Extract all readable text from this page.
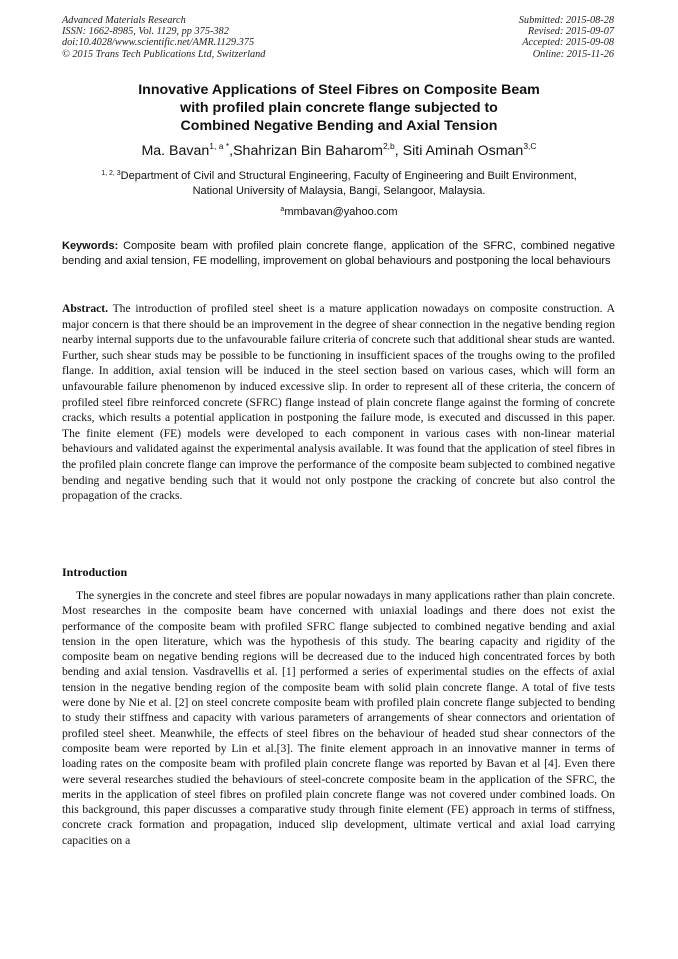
Advanced Materials Research
ISSN: 1662-8985, Vol. 1129, pp 375-382
doi:10.4028/www.scientific.net/AMR.1129.375
© 2015 Trans Tech Publications Ltd, Switzerland
Submitted: 2015-08-28
Revised: 2015-09-07
Accepted: 2015-09-08
Online: 2015-11-26
Innovative Applications of Steel Fibres on Composite Beam
with profiled plain concrete flange subjected to
Combined Negative Bending and Axial Tension
Ma. Bavan$^{1, a *}$,Shahrizan Bin Baharom$^{2,b}$, Siti Aminah Osman$^{3,C}$
$^{1, 2, 3}$Department of Civil and Structural Engineering, Faculty of Engineering and Built Environment,
National University of Malaysia, Bangi, Selangoor, Malaysia.
$^a$mmbavan@yahoo.com
Keywords: Composite beam with profiled plain concrete flange, application of the SFRC, combined negative bending and axial tension, FE modelling, improvement on global behaviours and postponing the local behaviours
Abstract. The introduction of profiled steel sheet is a mature application nowadays on composite construction. A major concern is that there should be an improvement in the degree of shear connection in the negative bending region nearby internal supports due to the unfavourable failure criteria of concrete such that additional shear studs are wanted. Further, such shear studs may be possible to be functioning in insufficient spaces of the troughs owing to the profiled flange. In addition, axial tension will be induced in the steel section based on various cases, which will form an unfavourable failure phenomenon by induced excessive slip. In order to represent all of these criteria, the concern of profiled steel fibre reinforced concrete (SFRC) flange instead of plain concrete flange against the forming of concrete cracks, which results a potential application in postponing the failure mode, is executed and discussed in this paper. The finite element (FE) models were developed to each component in various cases with non-linear material behaviours and validated against the experimental analysis available. It was found that the application of steel fibres in the profiled plain concrete flange can improve the performance of the composite beam subjected to combined negative bending and negative bending such that it would not only postpone the cracking of concrete but also control the propagation of the cracks.
Introduction

The synergies in the concrete and steel fibres are popular nowadays in many applications rather than plain concrete. Most researches in the composite beam have concerned with uniaxial loadings and there does not exist the performance of the composite beam with profiled SFRC flange subjected to combined negative bending and axial tension in the open literature, which was the hypothesis of this study. The bearing capacity and rigidity of the composite beam on negative bending regions will be decreased due to the induced high concentrated forces by both bending and axial tension. Vasdravellis et al. [1] performed a series of experimental studies on the effects of axial tension in the negative bending region of the composite beam with solid plain concrete flange. A total of five tests were done by Nie et al. [2] on steel concrete composite beam with profiled plain concrete flange subjected to bending to study their stiffness and capacity with various parameters of arrangements of shear connectors and orientation of profiled steel sheet. Meanwhile, the effects of steel fibres on the behaviour of headed stud shear connectors of the composite beam were reported by Lin et al.[3]. The finite element approach in an innovative manner in terms of loading rates on the composite beam with profiled plain concrete flange was reported by Bavan et al [4]. Even there were several researches studied the behaviours of steel-concrete composite beam in the application of the SFRC, the merits in the application of steel fibres on profiled plain concrete flange was not covered under combined loads. On this background, this paper discusses a comparative study through finite element (FE) approach in terms of stiffness, concrete crack formation and propagation, induced slip development, ultimate vertical and axial load carrying capacities on a
